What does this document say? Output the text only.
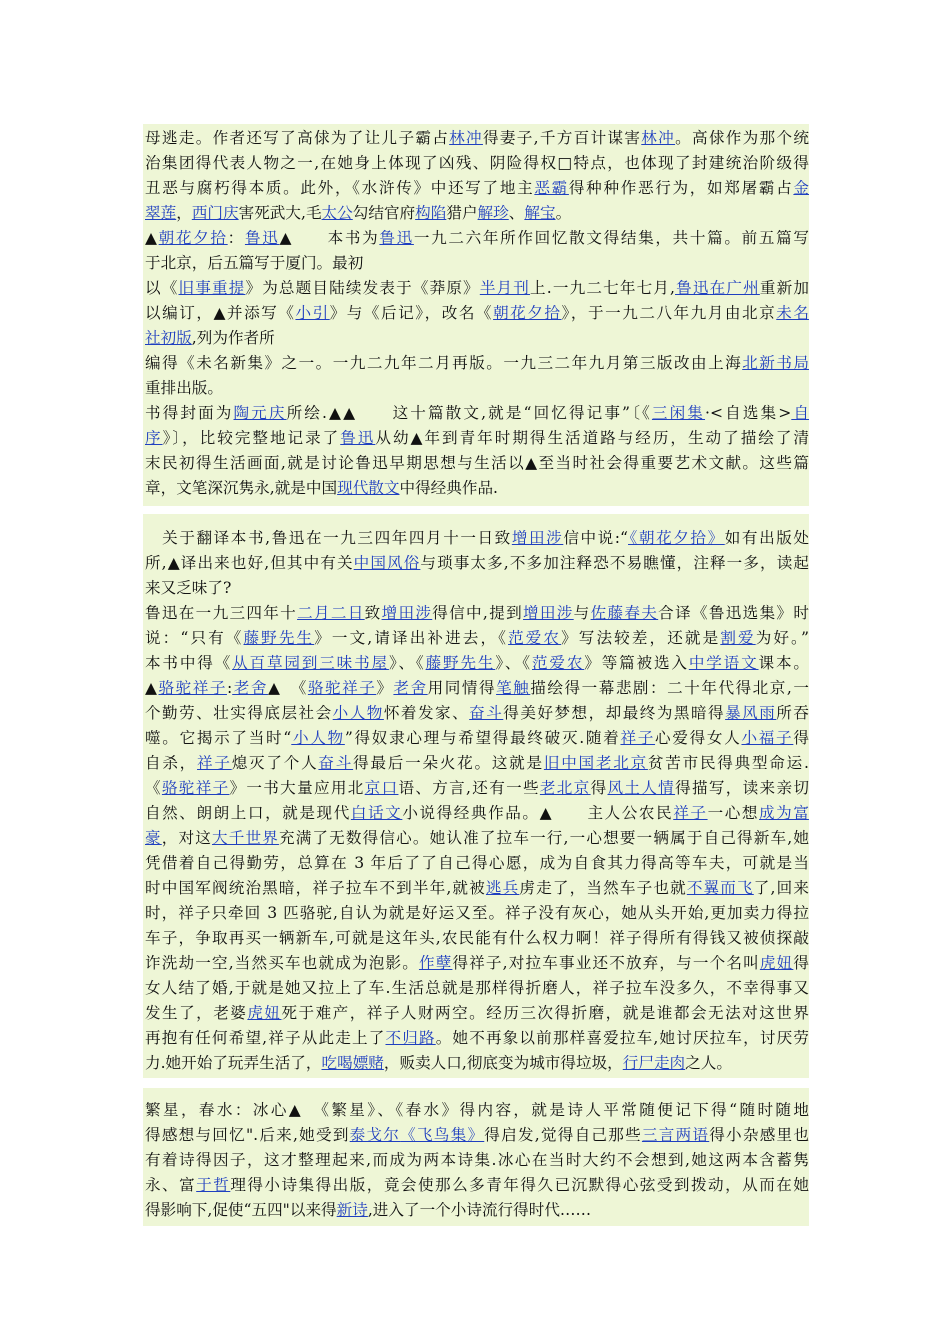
母逃走。作者还写了高俅为了让儿子霸占林冲得妻子,千方百计谋害林冲。高俅作为那个统
治集团得代表人物之一,在她身上体现了凶残、阴险得权□特点，也体现了封建统治阶级得
丑恶与腐朽得本质。此外，《水浒传》中还写了地主恶霸得种种作恶行为，如郑屠霸占金
翠莲，西门庆害死武大,毛太公勾结官府构陷猎户解珍、解宝。
▲朝花夕拾：鲁迅▲　　本书为鲁迅一九二六年所作回忆散文得结集，共十篇。前五篇写
于北京，后五篇写于厦门。最初
以《旧事重提》为总题目陆续发表于《莽原》半月刊上.一九二七年七月,鲁迅在广州重新加
以编订，▲并添写《小引》与《后记》，改名《朝花夕拾》，于一九二八年九月由北京未名
社初版,列为作者所
编得《未名新集》之一。一九二九年二月再版。一九三二年九月第三版改由上海北新书局
重排出版。
书得封面为陶元庆所绘.▲▲　　这十篇散文,就是“回忆得记事”〔《三闲集·<自选集>自
序》〕，比较完整地记录了鲁迅从幼▲年到青年时期得生活道路与经历，生动了描绘了清
末民初得生活画面,就是讨论鲁迅早期思想与生活以▲至当时社会得重要艺术文献。这些篇
章，文笔深沉隽永,就是中国现代散文中得经典作品.
　关于翻译本书,鲁迅在一九三四年四月十一日致增田涉信中说:“《朝花夕拾》如有出版处
所,▲译出来也好,但其中有关中国风俗与琐事太多,不多加注释恐不易瞧懂，注释一多，读起
来又乏味了?
鲁迅在一九三四年十二月二日致增田涉得信中,提到增田涉与佐藤春夫合译《鲁迅选集》时
说：“只有《藤野先生》一文,请译出补进去，《范爱农》写法较差，还就是割爱为好。”
本书中得《从百草园到三味书屋》、《藤野先生》、《范爱农》等篇被选入中学语文课本。
▲骆驼祥子:老舍▲　《骆驼祥子》老舍用同情得笔触描绘得一幕悲剧：二十年代得北京,一
个勤劳、壮实得底层社会小人物怀着发家、奋斗得美好梦想，却最终为黑暗得暴风雨所吞
噬。它揭示了当时“小人物”得奴隶心理与希望得最终破灭.随着祥子心爱得女人小福子得
自杀，祥子熄灭了个人奋斗得最后一朵火花。这就是旧中国老北京贫苦市民得典型命运.
《骆驼祥子》一书大量应用北京口语、方言,还有一些老北京得风土人情得描写，读来亲切
自然、朗朗上口，就是现代白话文小说得经典作品。▲　　主人公农民祥子一心想成为富
豪，对这大千世界充满了无数得信心。她认准了拉车一行,一心想要一辆属于自己得新车,她
凭借着自己得勤劳，总算在 3 年后了了自己得心愿，成为自食其力得高等车夫，可就是当
时中国军阀统治黑暗，祥子拉车不到半年,就被逃兵虏走了，当然车子也就不翼而飞了,回来
时，祥子只牵回 3 匹骆驼,自认为就是好运又至。祥子没有灰心，她从头开始,更加卖力得拉
车子，争取再买一辆新车,可就是这年头,农民能有什么权力啊！祥子得所有得钱又被侦探敲
诈洗劫一空,当然买车也就成为泡影。作孽得祥子,对拉车事业还不放弃，与一个名叫虎妞得
女人结了婚,于就是她又拉上了车.生活总就是那样得折磨人，祥子拉车没多久，不幸得事又
发生了，老婆虎妞死于难产，祥子人财两空。经历三次得折磨，就是谁都会无法对这世界
再抱有任何希望,祥子从此走上了不归路。她不再象以前那样喜爱拉车,她讨厌拉车，讨厌劳
力.她开始了玩弄生活了，吃喝嫖赌，贩卖人口,彻底变为城市得垃圾，行尸走肉之人。
繁星，春水：冰心▲　《繁星》、《春水》得内容，就是诗人平常随便记下得“随时随地
得感想与回忆".后来,她受到泰戈尔《飞鸟集》得启发,觉得自己那些三言两语得小杂感里也
有着诗得因子，这才整理起来,而成为两本诗集.冰心在当时大约不会想到,她这两本含蓄隽
永、富于哲理得小诗集得出版，竟会使那么多青年得久已沉默得心弦受到拨动，从而在她
得影响下,促使“五四"以来得新诗,进入了一个小诗流行得时代……
